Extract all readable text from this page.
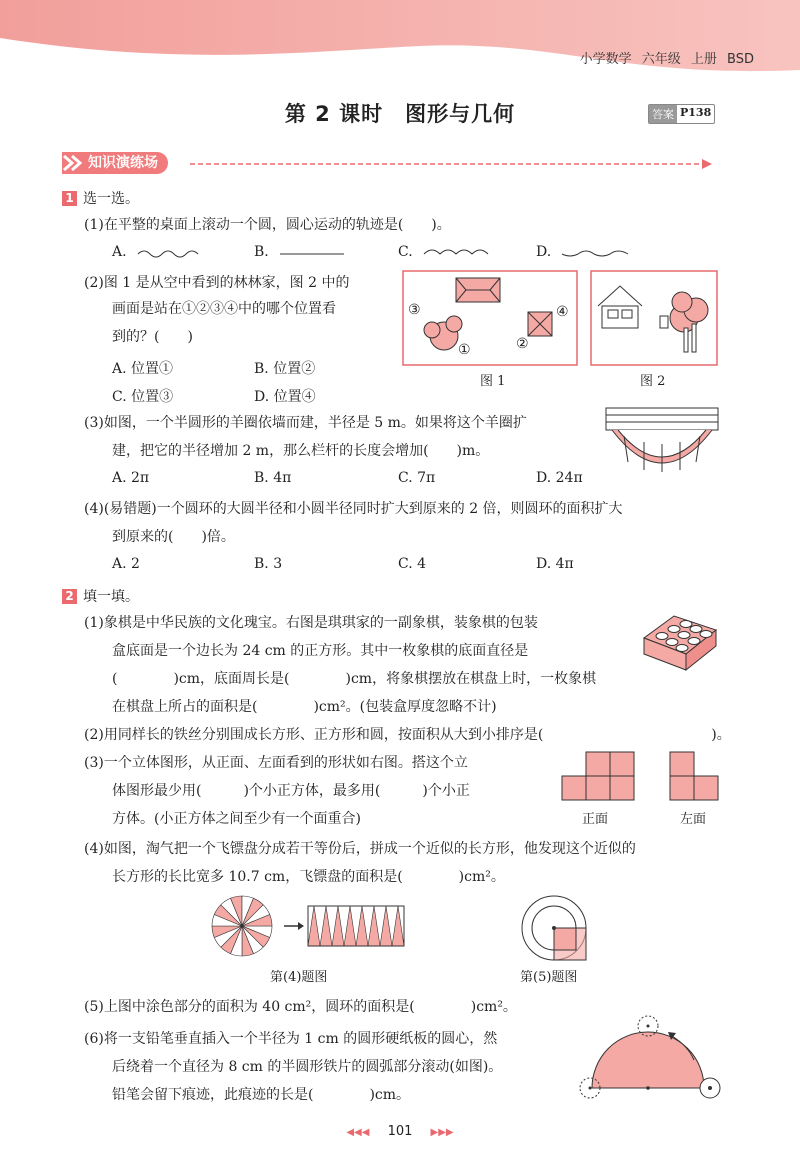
小学数学 六年级 上册 BSD
第 2 课时　图形与几何	答案 P138
知识演练场
1 选一选。
(1)在平整的桌面上滚动一个圆，圆心运动的轨迹是(　　)。
A.	B.	C.	D.
(2)图 1 是从空中看到的林林家，图 2 中的
画面是站在①②③④中的哪个位置看
到的？(　　)
A. 位置①	B. 位置②
C. 位置③	D. 位置④
③
①	②
④
图 1	图 2
(3)如图，一个半圆形的羊圈依墙而建，半径是 5 m。如果将这个羊圈扩
建，把它的半径增加 2 m，那么栏杆的长度会增加(　　)m。
A. 2π	B. 4π	C. 7π	D. 24π
(4)(易错题)一个圆环的大圆半径和小圆半径同时扩大到原来的 2 倍，则圆环的面积扩大
到原来的(　　)倍。
A. 2	B. 3	C. 4	D. 4π
2 填一填。
(1)象棋是中华民族的文化瑰宝。右图是琪琪家的一副象棋，装象棋的包装
盒底面是一个边长为 24 cm 的正方形。其中一枚象棋的底面直径是
(　　　　)cm，底面周长是(　　　　)cm，将象棋摆放在棋盘上时，一枚象棋
在棋盘上所占的面积是(　　　　)cm²。(包装盒厚度忽略不计)
(2)用同样长的铁丝分别围成长方形、正方形和圆，按面积从大到小排序是(　　　　　　　　　　　　)。
(3)一个立体图形，从正面、左面看到的形状如右图。搭这个立
体图形最少用(　　　)个小正方体，最多用(　　　)个小正
方体。(小正方体之间至少有一个面重合)	正面	左面
(4)如图，淘气把一个飞镖盘分成若干等份后，拼成一个近似的长方形，他发现这个近似的
长方形的长比宽多 10.7 cm，飞镖盘的面积是(　　　　)cm²。
第(4)题图	第(5)题图
(5)上图中涂色部分的面积为 40 cm²，圆环的面积是(　　　　)cm²。
(6)将一支铅笔垂直插入一个半径为 1 cm 的圆形硬纸板的圆心，然
后绕着一个直径为 8 cm 的半圆形铁片的圆弧部分滚动(如图)。
铅笔会留下痕迹，此痕迹的长是(　　　　)cm。
◀◀◀ 101 ▶▶▶
